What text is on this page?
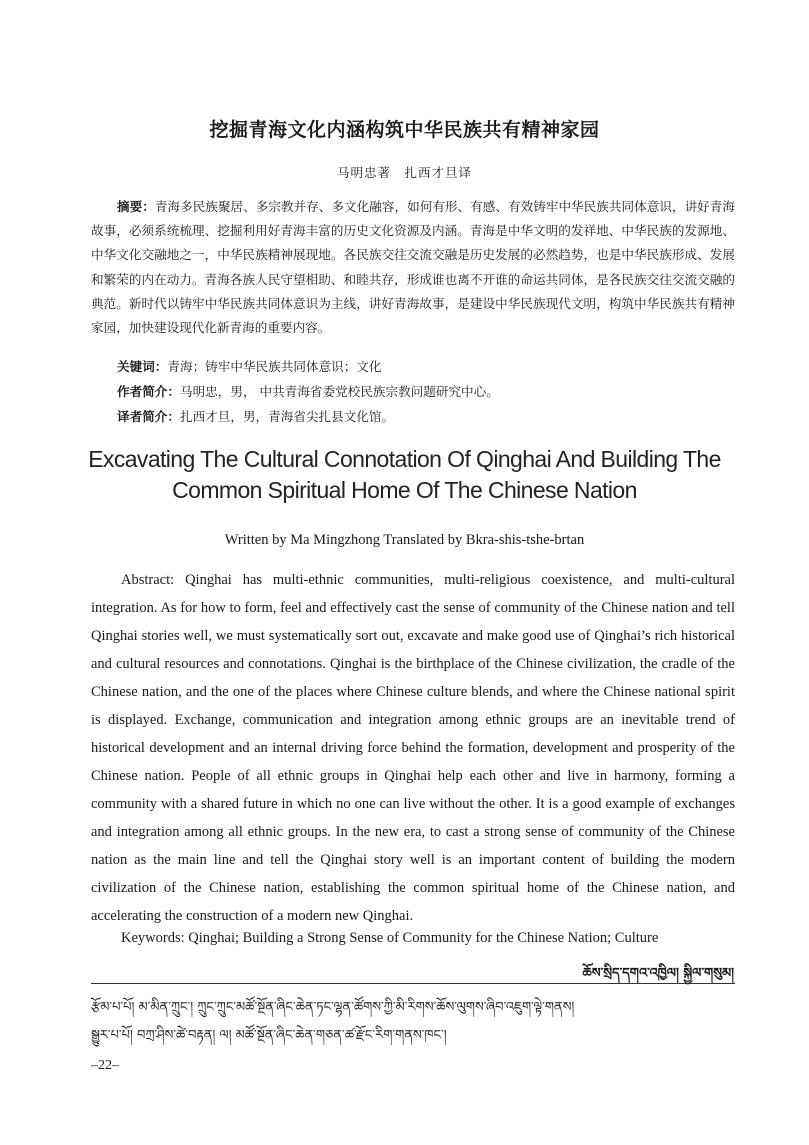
挖掘青海文化内涵构筑中华民族共有精神家园
马明忠著　扎西才旦译
摘要：青海多民族聚居、多宗教并存、多文化融容，如何有形、有感、有效铸牢中华民族共同体意识，讲好青海故事，必须系统梳理、挖掘利用好青海丰富的历史文化资源及内涵。青海是中华文明的发祥地、中华民族的发源地、中华文化交融地之一，中华民族精神展现地。各民族交往交流交融是历史发展的必然趋势，也是中华民族形成、发展和繁荣的内在动力。青海各族人民守望相助、和睦共存，形成谁也离不开谁的命运共同体，是各民族交往交流交融的典范。新时代以铸牢中华民族共同体意识为主线，讲好青海故事，是建设中华民族现代文明，构筑中华民族共有精神家园，加快建设现代化新青海的重要内容。
关键词：青海；铸牢中华民族共同体意识；文化
作者简介：马明忠，男， 中共青海省委党校民族宗教问题研究中心。
译者简介：扎西才旦，男，青海省尖扎县文化馆。
Excavating The Cultural Connotation Of Qinghai And Building The Common Spiritual Home Of The Chinese Nation
Written by Ma Mingzhong Translated by Bkra-shis-tshe-brtan
Abstract: Qinghai has multi-ethnic communities, multi-religious coexistence, and multi-cultural integration. As for how to form, feel and effectively cast the sense of community of the Chinese nation and tell Qinghai stories well, we must systematically sort out, excavate and make good use of Qinghai’s rich historical and cultural resources and connotations. Qinghai is the birthplace of the Chinese civilization, the cradle of the Chinese nation, and the one of the places where Chinese culture blends, and where the Chinese national spirit is displayed. Exchange, communication and integration among ethnic groups are an inevitable trend of historical development and an internal driving force behind the formation, development and prosperity of the Chinese nation. People of all ethnic groups in Qinghai help each other and live in harmony, forming a community with a shared future in which no one can live without the other. It is a good example of exchanges and integration among all ethnic groups. In the new era, to cast a strong sense of community of the Chinese nation as the main line and tell the Qinghai story well is an important content of building the modern civilization of the Chinese nation, establishing the common spiritual home of the Chinese nation, and accelerating the construction of a modern new Qinghai.
Keywords: Qinghai; Building a Strong Sense of Community for the Chinese Nation; Culture
ཆོས་སྲིད་དགའ་འཁྱིལ། སྐྱིལ་གསུམ།
རྩོམ་པ་པོ། མ་མིན་ཀྲུང་། ཀྲུང་ཀྲུང་མཚོ་སྔོན་ཞིང་ཆེན་ཏང་ལྷན་ཚོགས་ཀྱི་མི་རིགས་ཆོས་ལུགས་ཞིབ་འཇུག་ལྟེ་གནས།
སྒྱུར་པ་པོ། བཀྲ་ཤིས་ཚེ་བརྟན། ལ། མཚོ་སྔོན་ཞིང་ཆེན་གཅན་ཚ་རྫོང་རིག་གནས་ཁང་།
–22–
